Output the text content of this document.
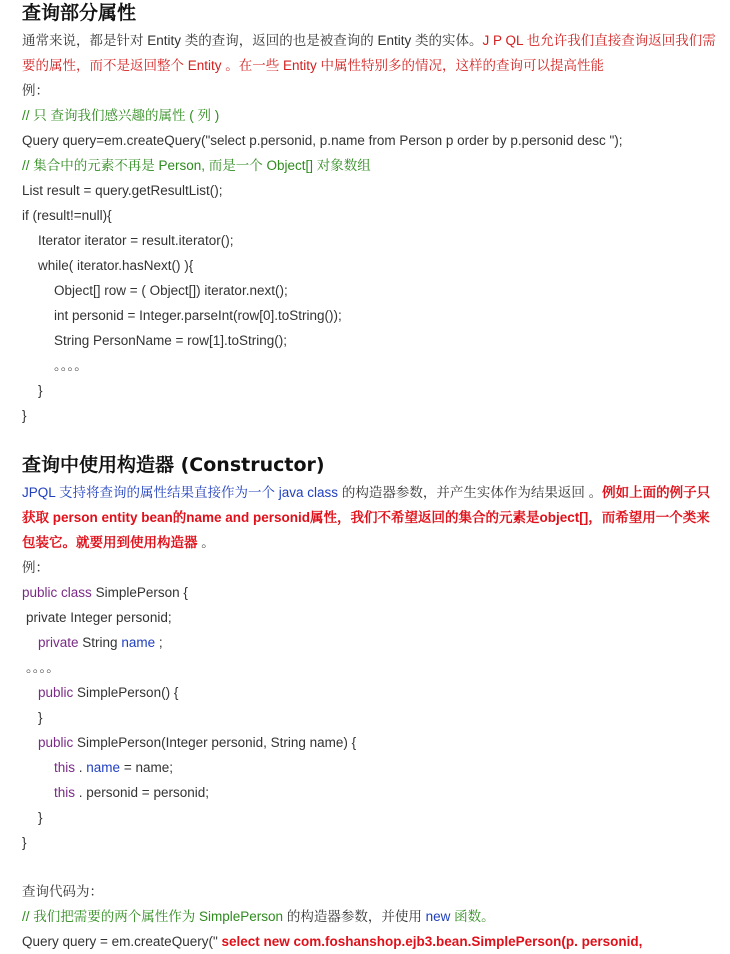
查询部分属性

通常来说，都是针对 Entity 类的查询，返回的也是被查询的 Entity 类的实体。J P QL 也允许我们直接查询返回我们需要的属性，而不是返回整个 Entity 。在一些 Entity 中属性特别多的情况，这样的查询可以提高性能

例：
// 只 查询我们感兴趣的属性 ( 列 )
Query query=em.createQuery("select p.personid, p.name from Person p order by p.personid desc ");
// 集合中的元素不再是 Person, 而是一个 Object[] 对象数组
List result = query.getResultList();
if (result!=null){
Iterator iterator = result.iterator();
while( iterator.hasNext() ){
Object[] row = ( Object[]) iterator.next();
int personid = Integer.parseInt(row[0].toString());
String PersonName = row[1].toString();
。。。。
}
}
查询中使用构造器 (Constructor)

JPQL 支持将查询的属性结果直接作为一个 java class 的构造器参数，并产生实体作为结果返回 。例如上面的例子只获取 person entity bean的name and personid属性，我们不希望返回的集合的元素是object[]，而希望用一个类来包装它。就要用到使用构造器 。

例：
public class SimplePerson {
private Integer personid;
private String name ;
。。。。
public SimplePerson() {
}
public SimplePerson(Integer personid, String name) {
this . name = name;
this . personid = personid;
}
}
查询代码为：
// 我们把需要的两个属性作为 SimplePerson 的构造器参数，并使用 new 函数。
Query query = em.createQuery(" select new com.foshanshop.ejb3.bean.SimplePerson(p. personid,
